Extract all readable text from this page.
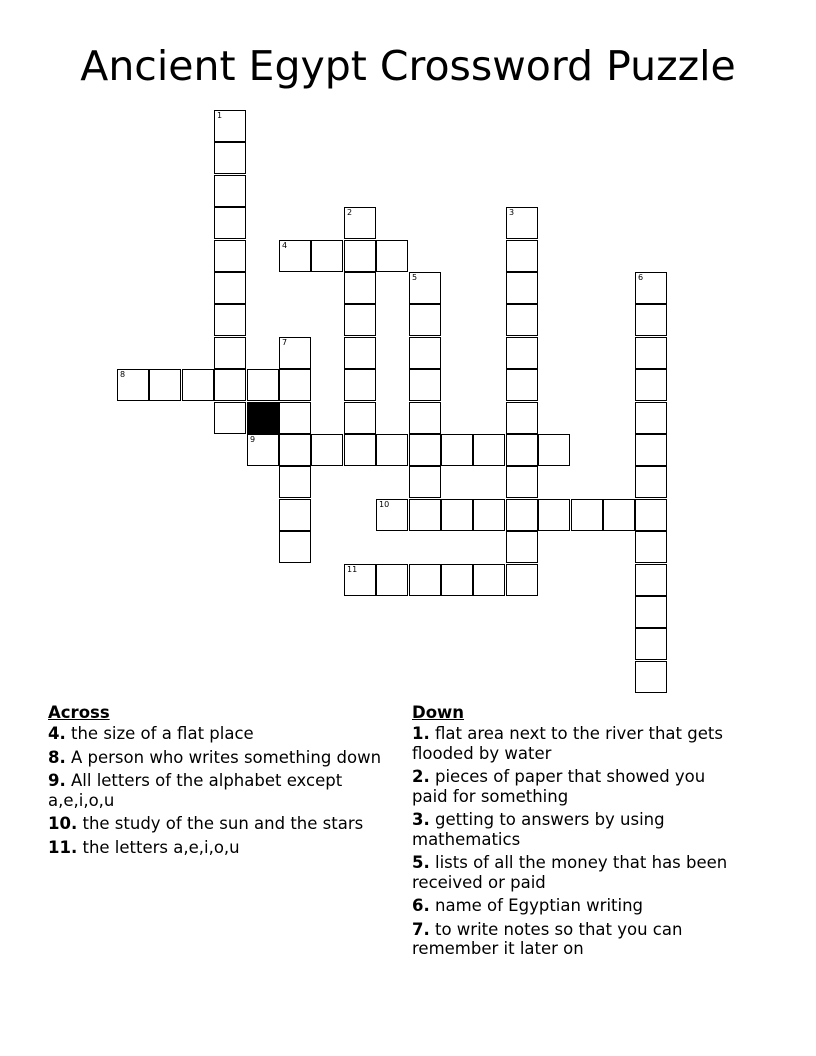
Ancient Egypt Crossword Puzzle
1
2	3
5	6
7
4
8
9
10
11
Across
4. the size of a flat place
8. A person who writes something down
9. All letters of the alphabet except a,e,i,o,u
10. the study of the sun and the stars
11. the letters a,e,i,o,u
Down
1. flat area next to the river that gets flooded by water
2. pieces of paper that showed you paid for something
3. getting to answers by using mathematics
5. lists of all the money that has been received or paid
6. name of Egyptian writing
7. to write notes so that you can remember it later on
